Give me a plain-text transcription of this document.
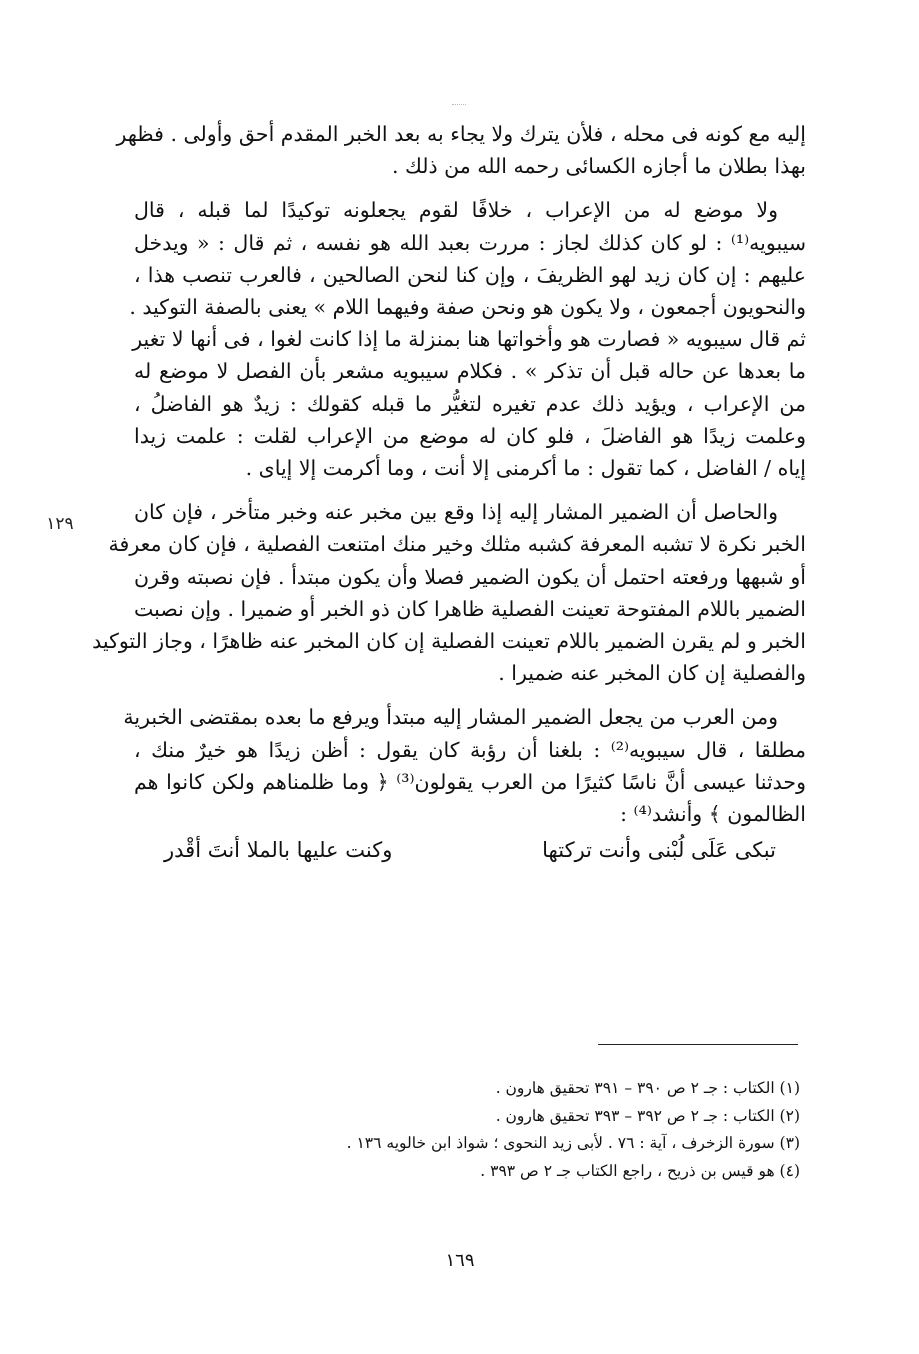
إليه مع كونه فى محله ، فلأن يترك ولا يجاء به بعد الخبر المقدم أحق وأولى . فظهر
بهذا بطلان ما أجازه الكسائى رحمه الله من ذلك .

ولا موضع له من الإعراب ، خلافًا لقوم يجعلونه توكيدًا لما قبله ، قال
سيبويه⁽¹⁾ : لو كان كذلك لجاز : مررت بعبد الله هو نفسه ، ثم قال : « ويدخل
عليهم : إن كان زيد لهو الظريفَ ، وإن كنا لنحن الصالحين ، فالعرب تنصب هذا ،
والنحويون أجمعون ، ولا يكون هو ونحن صفة وفيهما اللام » يعنى بالصفة التوكيد .
ثم قال سيبويه « فصارت هو وأخواتها هنا بمنزلة ما إذا كانت لغوا ، فى أنها لا تغير
ما بعدها عن حاله قبل أن تذكر » . فكلام سيبويه مشعر بأن الفصل لا موضع له
من الإعراب ، ويؤيد ذلك عدم تغيره لتغيُّر ما قبله كقولك : زيدٌ هو الفاضلُ ،
وعلمت زيدًا هو الفاضلَ ، فلو كان له موضع من الإعراب لقلت : علمت زيدا
إياه / الفاضل ، كما تقول : ما أكرمنى إلا أنت ، وما أكرمت إلا إياى .

والحاصل أن الضمير المشار إليه إذا وقع بين مخبر عنه وخبر متأخر ، فإن كان
الخبر نكرة لا تشبه المعرفة كشبه مثلك وخير منك امتنعت الفصلية ، فإن كان معرفة
أو شبهها ورفعته احتمل أن يكون الضمير فصلا وأن يكون مبتدأ . فإن نصبته وقرن
الضمير باللام المفتوحة تعينت الفصلية ظاهرا كان ذو الخبر أو ضميرا . وإن نصبت
الخبر و لم يقرن الضمير باللام تعينت الفصلية إن كان المخبر عنه ظاهرًا ، وجاز التوكيد
والفصلية إن كان المخبر عنه ضميرا .

ومن العرب من يجعل الضمير المشار إليه مبتدأ ويرفع ما بعده بمقتضى الخبرية
مطلقا ، قال سيبويه⁽²⁾ : بلغنا أن رؤبة كان يقول : أظن زيدًا هو خيرٌ منك ،
وحدثنا عيسى أنَّ ناسًا كثيرًا من العرب يقولون⁽³⁾ ﴿ وما ظلمناهم ولكن كانوا هم
الظالمون ﴾ وأنشد⁽⁴⁾ :

تبكى عَلَى لُبْنى وأنت تركتها
وكنت عليها بالملا أنتَ أقْدر
١٢٩
(١) الكتاب : جـ ٢ ص ٣٩٠ – ٣٩١ تحقيق هارون .
(٢) الكتاب : جـ ٢ ص ٣٩٢ – ٣٩٣ تحقيق هارون .
(٣) سورة الزخرف ، آية : ٧٦ . لأبى زيد النحوى ؛ شواذ ابن خالويه ١٣٦ .
(٤) هو قيس بن ذريح ، راجع الكتاب جـ ٢ ص ٣٩٣ .
١٦٩
